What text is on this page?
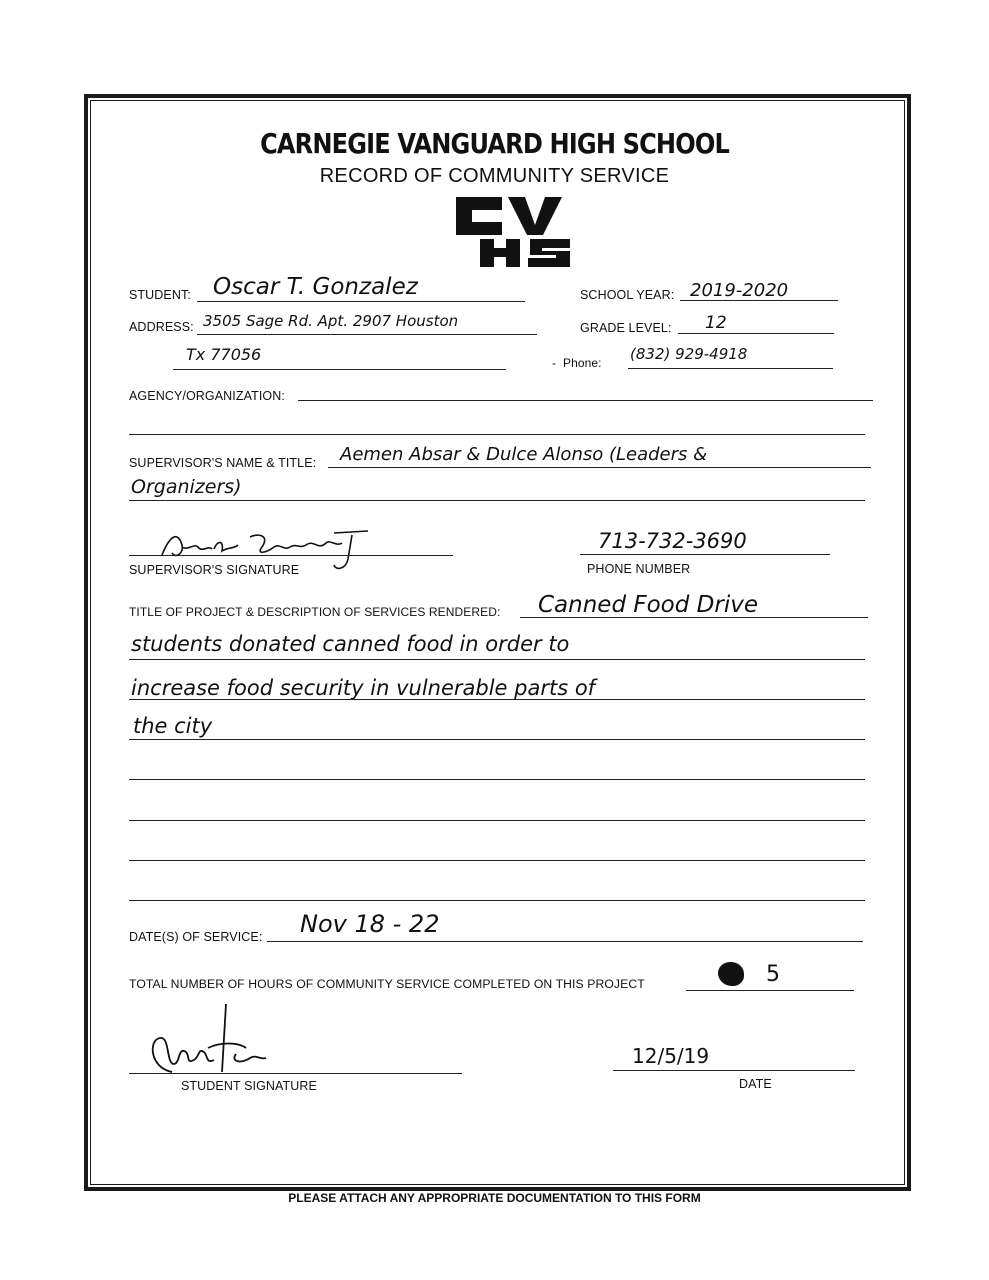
CARNEGIE VANGUARD HIGH SCHOOL
RECORD OF COMMUNITY SERVICE
CV HS
STUDENT: Oscar T. Gonzalez	SCHOOL YEAR: 2019-2020
ADDRESS: 3505 Sage Rd. Apt. 2907 Houston	GRADE LEVEL: 12
Tx 77056	-  Phone: (832) 929-4918
AGENCY/ORGANIZATION:
SUPERVISOR'S NAME & TITLE: Aemen Absar & Dulce Alonso (Leaders &
Organizers)
SUPERVISOR'S SIGNATURE
713-732-3690
PHONE NUMBER
TITLE OF PROJECT & DESCRIPTION OF SERVICES RENDERED: Canned Food Drive
students donated canned food in order to
increase food security in vulnerable parts of
the city
DATE(S) OF SERVICE: Nov 18 - 22
TOTAL NUMBER OF HOURS OF COMMUNITY SERVICE COMPLETED ON THIS PROJECT	5
STUDENT SIGNATURE
12/5/19
DATE
PLEASE ATTACH ANY APPROPRIATE DOCUMENTATION TO THIS FORM
